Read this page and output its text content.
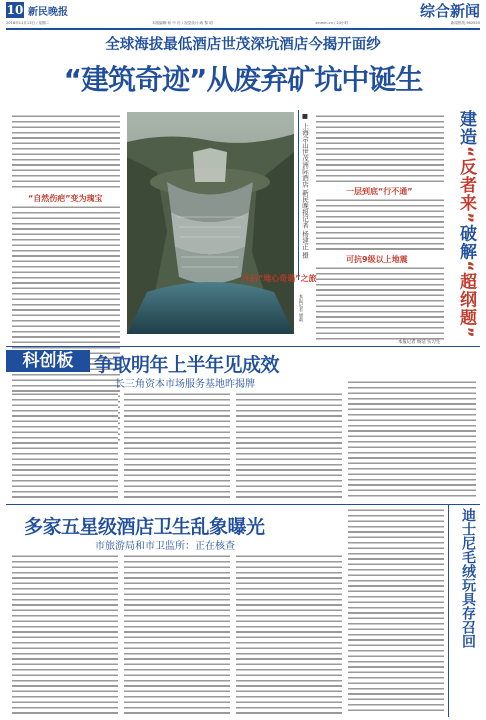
10 新民晚报	综合新闻
2018年11月13日 / 星期二	本版编辑:何 中 仿 / 视觉设计:戚 黎 明	xinmin.cn / 24小时	新闻热线 962555
全球海拔最低酒店世茂深坑酒店今揭开面纱
“建筑奇迹”从废弃矿坑中诞生
“自然伤疤”变为瑰宝	■ 上海佘山世茂洲际酒店 新民晚报记者 杨建正 摄
本报记者 屠莉
一层到底“行不通”
可抗9级以上地震
本报记者 杨洁 实习生
开启“地心奇遇”之旅
建造“反者来”破解“超纲题”
科创板	争取明年上半年见成效
长三角资本市场服务基地昨揭牌
多家五星级酒店卫生乱象曝光
市旅游局和市卫监所：正在核查	迪士尼毛绒玩具存召回
